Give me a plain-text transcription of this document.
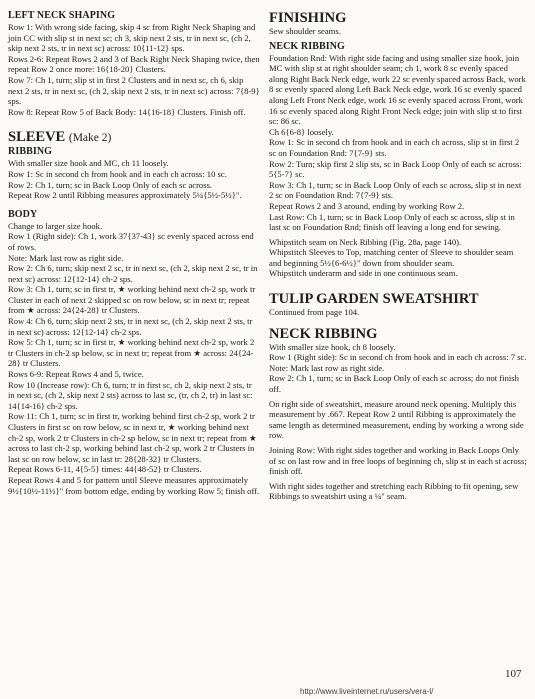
LEFT NECK SHAPING

Row 1: With wrong side facing, skip 4 sc from Right Neck Shaping and join CC with slip st in next sc; ch 3, skip next 2 sts, tr in next sc, (ch 2, skip next 2 sts, tr in next sc) across: 10{11-12} sps.

Rows 2-6: Repeat Rows 2 and 3 of Back Right Neck Shaping twice, then repeat Row 2 once more: 16{18-20} Clusters.

Row 7: Ch 1, turn; slip st in first 2 Clusters and in next sc, ch 6, skip next 2 sts, tr in next sc, (ch 2, skip next 2 sts, tr in next sc) across: 7{8-9} sps.

Row 8: Repeat Row 5 of Back Body: 14{16-18} Clusters. Finish off.

SLEEVE (Make 2)
RIBBING

With smaller size hook and MC, ch 11 loosely.

Row 1: Sc in second ch from hook and in each ch across: 10 sc.

Row 2: Ch 1, turn; sc in Back Loop Only of each sc across.

Repeat Row 2 until Ribbing measures approximately 5¼{5½-5½}".

BODY

Change to larger size hook.

Row 1 (Right side): Ch 1, work 37{37-43} sc evenly spaced across end of rows.

Note: Mark last row as right side.

Row 2: Ch 6, turn; skip next 2 sc, tr in next sc, (ch 2, skip next 2 sc, tr in next sc) across: 12{12-14} ch-2 sps.

Row 3: Ch 1, turn; sc in first tr, ★ working behind next ch-2 sp, work tr Cluster in each of next 2 skipped sc on row below, sc in next tr; repeat from ★ across: 24{24-28} tr Clusters.

Row 4: Ch 6, turn; skip next 2 sts, tr in next sc, (ch 2, skip next 2 sts, tr in next sc) across: 12{12-14} ch-2 sps.

Row 5: Ch 1, turn; sc in first tr, ★ working behind next ch-2 sp, work 2 tr Clusters in ch-2 sp below, sc in next tr; repeat from ★ across: 24{24-28} tr Clusters.

Rows 6-9: Repeat Rows 4 and 5, twice.

Row 10 (Increase row): Ch 6, turn; tr in first sc, ch 2, skip next 2 sts, tr in next sc, (ch 2, skip next 2 sts) across to last sc, (tr, ch 2, tr) in last sc: 14{14-16} ch-2 sps.

Row 11: Ch 1, turn; sc in first tr, working behind first ch-2 sp, work 2 tr Clusters in first sc on row below, sc in next tr, ★ working behind next ch-2 sp, work 2 tr Clusters in ch-2 sp below, sc in next tr; repeat from ★ across to last ch-2 sp, working behind last ch-2 sp, work 2 tr Clusters in last sc on row below, sc in last tr: 28{28-32} tr Clusters.

Repeat Rows 6-11, 4{5-5} times: 44{48-52} tr Clusters.

Repeat Rows 4 and 5 for pattern until Sleeve measures approximately 9½{10½-11½}" from bottom edge, ending by working Row 5; finish off.

FINISHING

Sew shoulder seams.

NECK RIBBING

Foundation Rnd: With right side facing and using smaller size hook, join MC with slip st at right shoulder seam; ch 1, work 8 sc evenly spaced along Right Back Neck edge, work 22 sc evenly spaced across Back, work 8 sc evenly spaced along Left Back Neck edge, work 16 sc evenly spaced along Left Front Neck edge, work 16 sc evenly spaced across Front, work 16 sc evenly spaced along Right Front Neck edge; join with slip st to first sc: 86 sc.

Ch 6{6-8} loosely.

Row 1: Sc in second ch from hook and in each ch across, slip st in first 2 sc on Foundation Rnd: 7{7-9} sts.

Row 2: Turn; skip first 2 slip sts, sc in Back Loop Only of each sc across: 5{5-7} sc.

Row 3: Ch 1, turn; sc in Back Loop Only of each sc across, slip st in next 2 sc on Foundation Rnd: 7{7-9} sts.

Repeat Rows 2 and 3 around, ending by working Row 2.

Last Row: Ch 1, turn; sc in Back Loop Only of each sc across, slip st in last sc on Foundation Rnd; finish off leaving a long end for sewing.

Whipstitch seam on Neck Ribbing (Fig. 28a, page 140).

Whipstitch Sleeves to Top, matching center of Sleeve to shoulder seam and beginning 5½{6-6½}" down from shoulder seam.

Whipstitch underarm and side in one continuous seam.

TULIP GARDEN SWEATSHIRT

Continued from page 104.

NECK RIBBING

With smaller size hook, ch 8 loosely.

Row 1 (Right side): Sc in second ch from hook and in each ch across: 7 sc.

Note: Mark last row as right side.

Row 2: Ch 1, turn; sc in Back Loop Only of each sc across; do not finish off.

On right side of sweatshirt, measure around neck opening. Multiply this measurement by .667. Repeat Row 2 until Ribbing is approximately the same length as determined measurement, ending by working a wrong side row.

Joining Row: With right sides together and working in Back Loops Only of sc on last row and in free loops of beginning ch, slip st in each st across; finish off.

With right sides together and stretching each Ribbing to fit opening, sew Ribbings to sweatshirt using a ¼" seam.

107
http://www.liveinternet.ru/users/vera-l/
